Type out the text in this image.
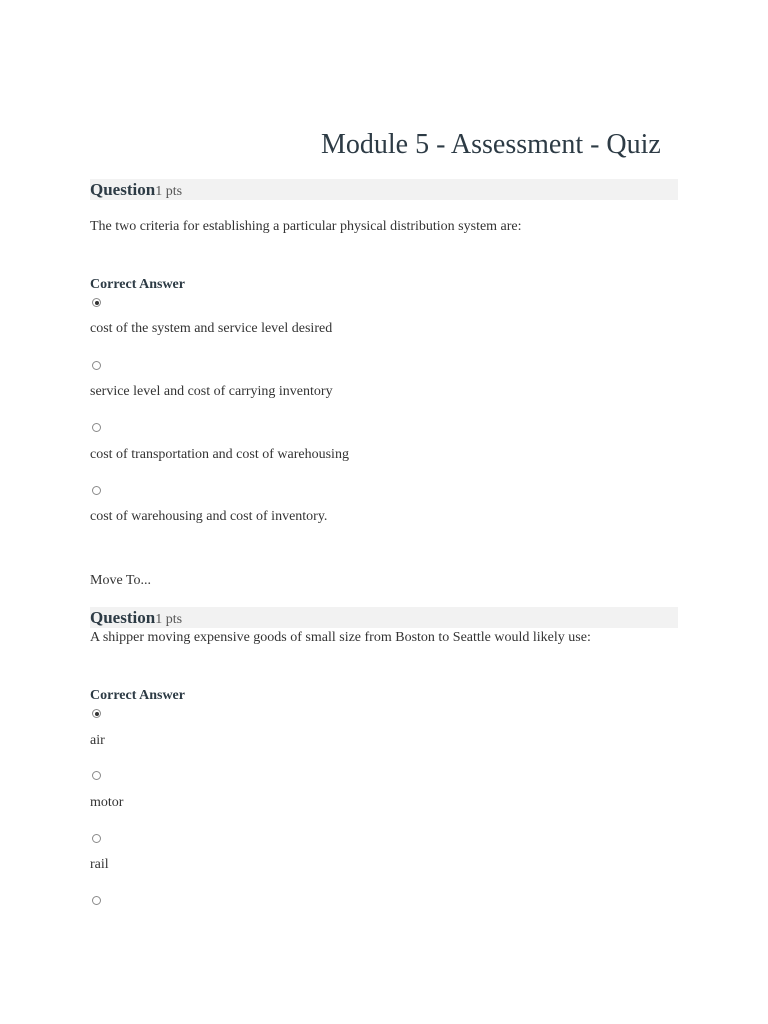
Module 5 - Assessment - Quiz
Question1 pts
The two criteria for establishing a particular physical distribution system are:
Correct Answer
cost of the system and service level desired
service level and cost of carrying inventory
cost of transportation and cost of warehousing
cost of warehousing and cost of inventory.
Move To...
Question1 pts
A shipper moving expensive goods of small size from Boston to Seattle would likely use:
Correct Answer
air
motor
rail
